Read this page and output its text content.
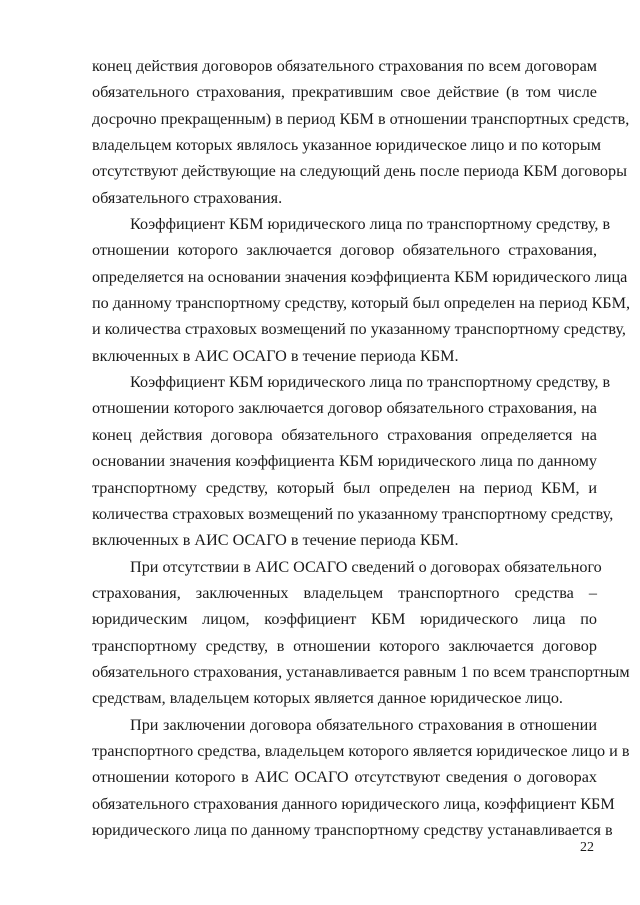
конец действия договоров обязательного страхования по всем договорам
обязательного страхования, прекратившим свое действие (в том числе
досрочно прекращенным) в период КБМ в отношении транспортных средств,
владельцем которых являлось указанное юридическое лицо и по которым
отсутствуют действующие на следующий день после периода КБМ договоры
обязательного страхования.
Коэффициент КБМ юридического лица по транспортному средству, в
отношении которого заключается договор обязательного страхования,
определяется на основании значения коэффициента КБМ юридического лица
по данному транспортному средству, который был определен на период КБМ,
и количества страховых возмещений по указанному транспортному средству,
включенных в АИС ОСАГО в течение периода КБМ.
Коэффициент КБМ юридического лица по транспортному средству, в
отношении которого заключается договор обязательного страхования, на
конец действия договора обязательного страхования определяется на
основании значения коэффициента КБМ юридического лица по данному
транспортному средству, который был определен на период КБМ, и
количества страховых возмещений по указанному транспортному средству,
включенных в АИС ОСАГО в течение периода КБМ.
При отсутствии в АИС ОСАГО сведений о договорах обязательного
страхования, заключенных владельцем транспортного средства –
юридическим лицом, коэффициент КБМ юридического лица по
транспортному средству, в отношении которого заключается договор
обязательного страхования, устанавливается равным 1 по всем транспортным
средствам, владельцем которых является данное юридическое лицо.
При заключении договора обязательного страхования в отношении
транспортного средства, владельцем которого является юридическое лицо и в
отношении которого в АИС ОСАГО отсутствуют сведения о договорах
обязательного страхования данного юридического лица, коэффициент КБМ
юридического лица по данному транспортному средству устанавливается в
22
